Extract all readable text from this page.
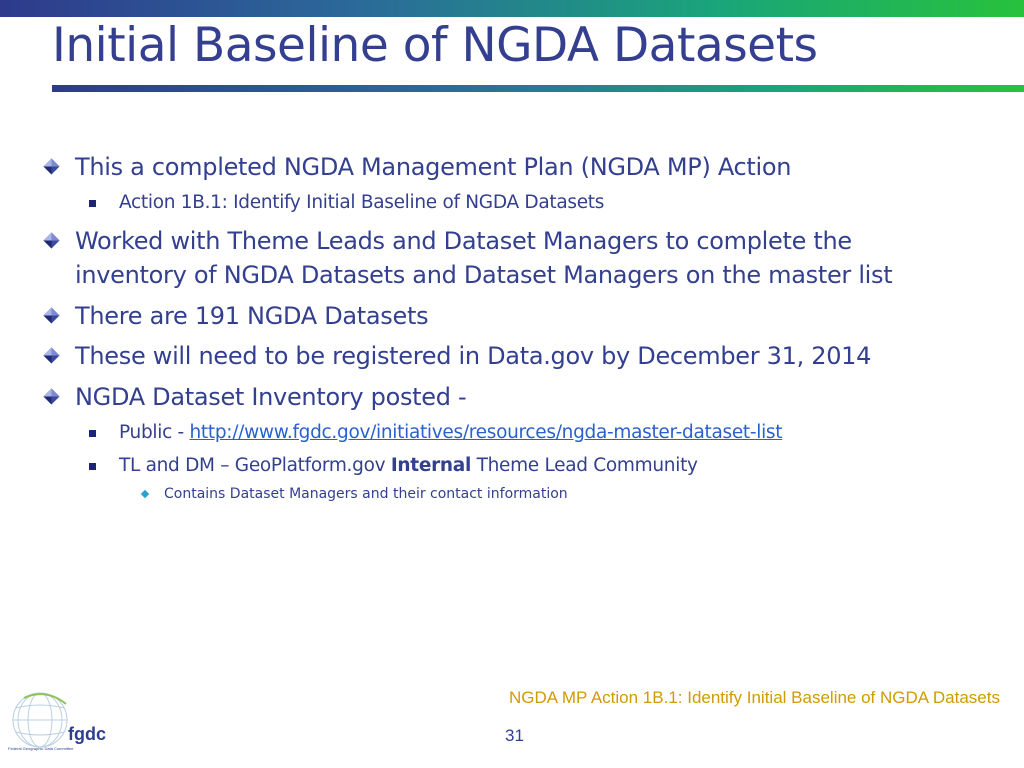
Initial Baseline of NGDA Datasets
This a completed NGDA Management Plan (NGDA MP) Action
Action 1B.1: Identify Initial Baseline of NGDA Datasets
Worked with Theme Leads and Dataset Managers to complete the
inventory of NGDA Datasets and Dataset Managers on the master list
There are 191 NGDA Datasets
These will need to be registered in Data.gov by December 31, 2014
NGDA Dataset Inventory posted -
Public - http://www.fgdc.gov/initiatives/resources/ngda-master-dataset-list
TL and DM – GeoPlatform.gov Internal Theme Lead Community
Contains Dataset Managers and their contact information
NGDA MP Action 1B.1: Identify Initial Baseline of NGDA Datasets
31
fgdc
Federal Geographic Data Committee
